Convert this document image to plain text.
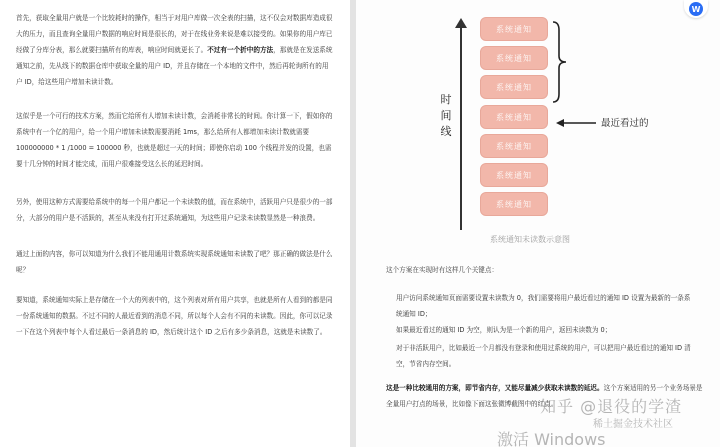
首先，获取全量用户就是一个比较耗时的操作，相当于对用户库做一次全表的扫描，这不仅会对数据库造成很大的压力，而且查询全量用户数据的响应时间是很长的，对于在线业务来说是难以接受的。如果你的用户库已经做了分库分表，那么就要扫描所有的库表，响应时间就更长了。不过有一个折中的方法，那就是在发送系统通知之前，先从线下的数据仓库中获取全量的用户 ID，并且存储在一个本地的文件中，然后再轮询所有的用户 ID，给这些用户增加未读计数。

这似乎是一个可行的技术方案，然而它给所有人增加未读计数，会消耗非常长的时间。你计算一下，假如你的系统中有一个亿的用户，给一个用户增加未读数需要消耗 1ms，那么给所有人都增加未读计数就需要 100000000 * 1 /1000 = 100000 秒，也就是超过一天的时间；即使你启动 100 个线程并发的设置，也需要十几分钟的时间才能完成，而用户很难接受这么长的延迟时间。

另外，使用这种方式需要给系统中的每一个用户都记一个未读数的值，而在系统中，活跃用户只是很少的一部分，大部分的用户是不活跃的，甚至从来没有打开过系统通知，为这些用户记录未读数显然是一种浪费。

通过上面的内容，你可以知道为什么我们不能用通用计数系统实现系统通知未读数了吧？那正确的做法是什么呢？

要知道，系统通知实际上是存储在一个大的列表中的，这个列表对所有用户共享，也就是所有人看到的都是同一份系统通知的数据。不过不同的人最近看到的消息不同，所以每个人会有不同的未读数。因此，你可以记录一下在这个列表中每个人看过最后一条消息的 ID，然后统计这个 ID 之后有多少条消息，这就是未读数了。

时间线
系统通知
系统通知
系统通知
系统通知
系统通知
系统通知
系统通知
最近看过的
系统通知未读数示意图

这个方案在实现时有这样几个关键点：

用户访问系统通知页面需要设置未读数为 0，我们需要将用户最近看过的通知 ID 设置为最新的一条系统通知 ID；

如果最近看过的通知 ID 为空，则认为是一个新的用户，返回未读数为 0；

对于非活跃用户，比如最近一个月都没有登录和使用过系统的用户，可以把用户最近看过的通知 ID 清空，节省内存空间。

这是一种比较通用的方案，即节省内存，又能尽量减少获取未读数的延迟。这个方案适用的另一个业务场景是全量用户打点的场景，比如像下面这张微博截图中的红点。

W
知乎 @退役的学渣
稀土掘金技术社区
激活 Windows
